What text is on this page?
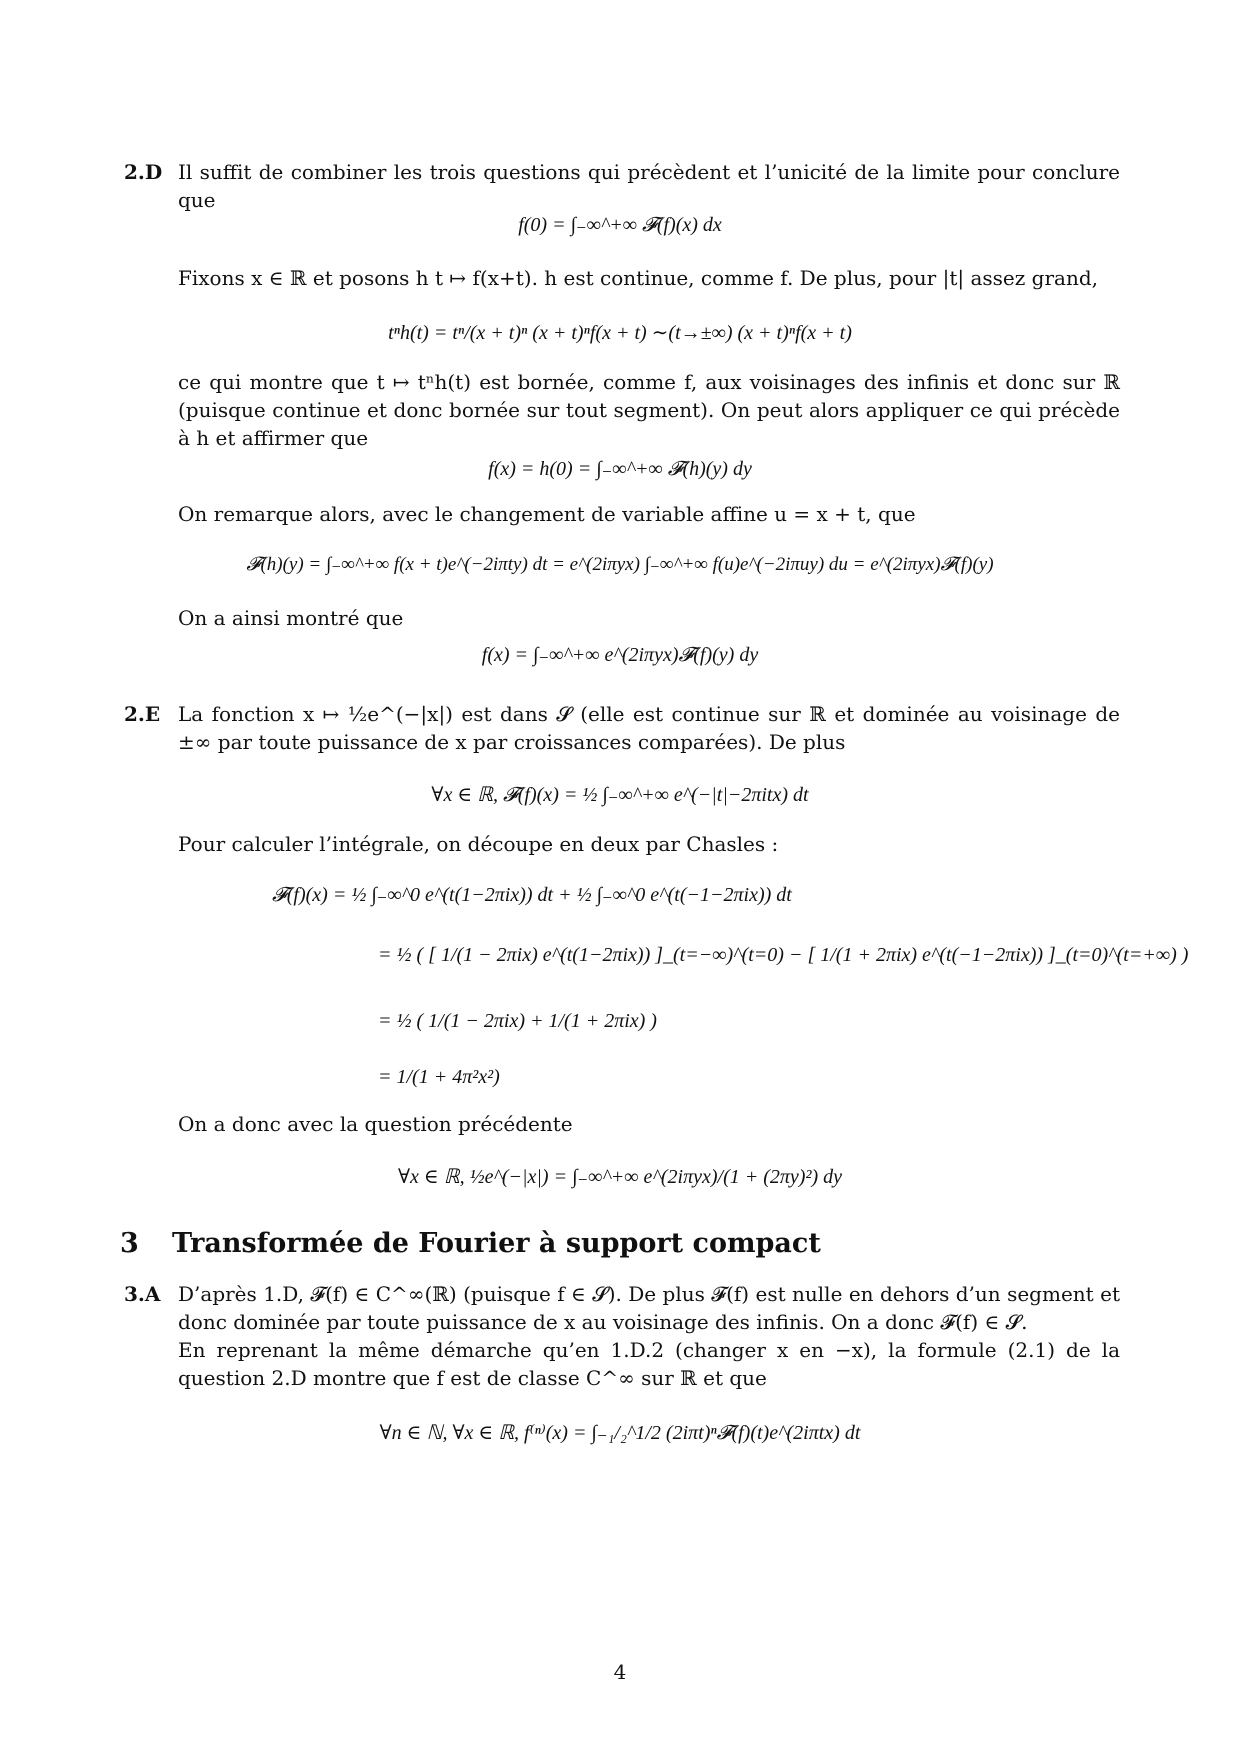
2.D Il suffit de combiner les trois questions qui précèdent et l’unicité de la limite pour conclure que
f(0) = ∫₋∞^+∞ 𝓕(f)(x) dx
Fixons x ∈ ℝ et posons h t ↦ f(x+t). h est continue, comme f. De plus, pour |t| assez grand,
tⁿh(t) = tⁿ/(x + t)ⁿ (x + t)ⁿf(x + t) ∼(t→±∞) (x + t)ⁿf(x + t)
ce qui montre que t ↦ tⁿh(t) est bornée, comme f, aux voisinages des infinis et donc sur ℝ (puisque continue et donc bornée sur tout segment). On peut alors appliquer ce qui précède à h et affirmer que
f(x) = h(0) = ∫₋∞^+∞ 𝓕(h)(y) dy
On remarque alors, avec le changement de variable affine u = x + t, que
𝓕(h)(y) = ∫₋∞^+∞ f(x + t)e^(−2iπty) dt = e^(2iπyx) ∫₋∞^+∞ f(u)e^(−2iπuy) du = e^(2iπyx)𝓕(f)(y)
On a ainsi montré que
f(x) = ∫₋∞^+∞ e^(2iπyx)𝓕(f)(y) dy
2.E La fonction x ↦ ½e^(−|x|) est dans 𝓢 (elle est continue sur ℝ et dominée au voisinage de ±∞ par toute puissance de x par croissances comparées). De plus
∀x ∈ ℝ, 𝓕(f)(x) = ½ ∫₋∞^+∞ e^(−|t|−2πitx) dt
Pour calculer l’intégrale, on découpe en deux par Chasles :
𝓕(f)(x) = ½ ∫₋∞^0 e^(t(1−2πix)) dt + ½ ∫₋∞^0 e^(t(−1−2πix)) dt
= ½ ( [ 1/(1 − 2πix) e^(t(1−2πix)) ]_(t=−∞)^(t=0) − [ 1/(1 + 2πix) e^(t(−1−2πix)) ]_(t=0)^(t=+∞) )
= ½ ( 1/(1 − 2πix) + 1/(1 + 2πix) )
= 1/(1 + 4π²x²)
On a donc avec la question précédente
∀x ∈ ℝ, ½e^(−|x|) = ∫₋∞^+∞ e^(2iπyx)/(1 + (2πy)²) dy
3 Transformée de Fourier à support compact
3.A D’après 1.D, 𝓕(f) ∈ C^∞(ℝ) (puisque f ∈ 𝓢). De plus 𝓕(f) est nulle en dehors d’un segment et donc dominée par toute puissance de x au voisinage des infinis. On a donc 𝓕(f) ∈ 𝓢.
En reprenant la même démarche qu’en 1.D.2 (changer x en −x), la formule (2.1) de la question 2.D montre que f est de classe C^∞ sur ℝ et que
∀n ∈ ℕ, ∀x ∈ ℝ, f⁽ⁿ⁾(x) = ∫₋₁/₂^1/2 (2iπt)ⁿ𝓕(f)(t)e^(2iπtx) dt
4
